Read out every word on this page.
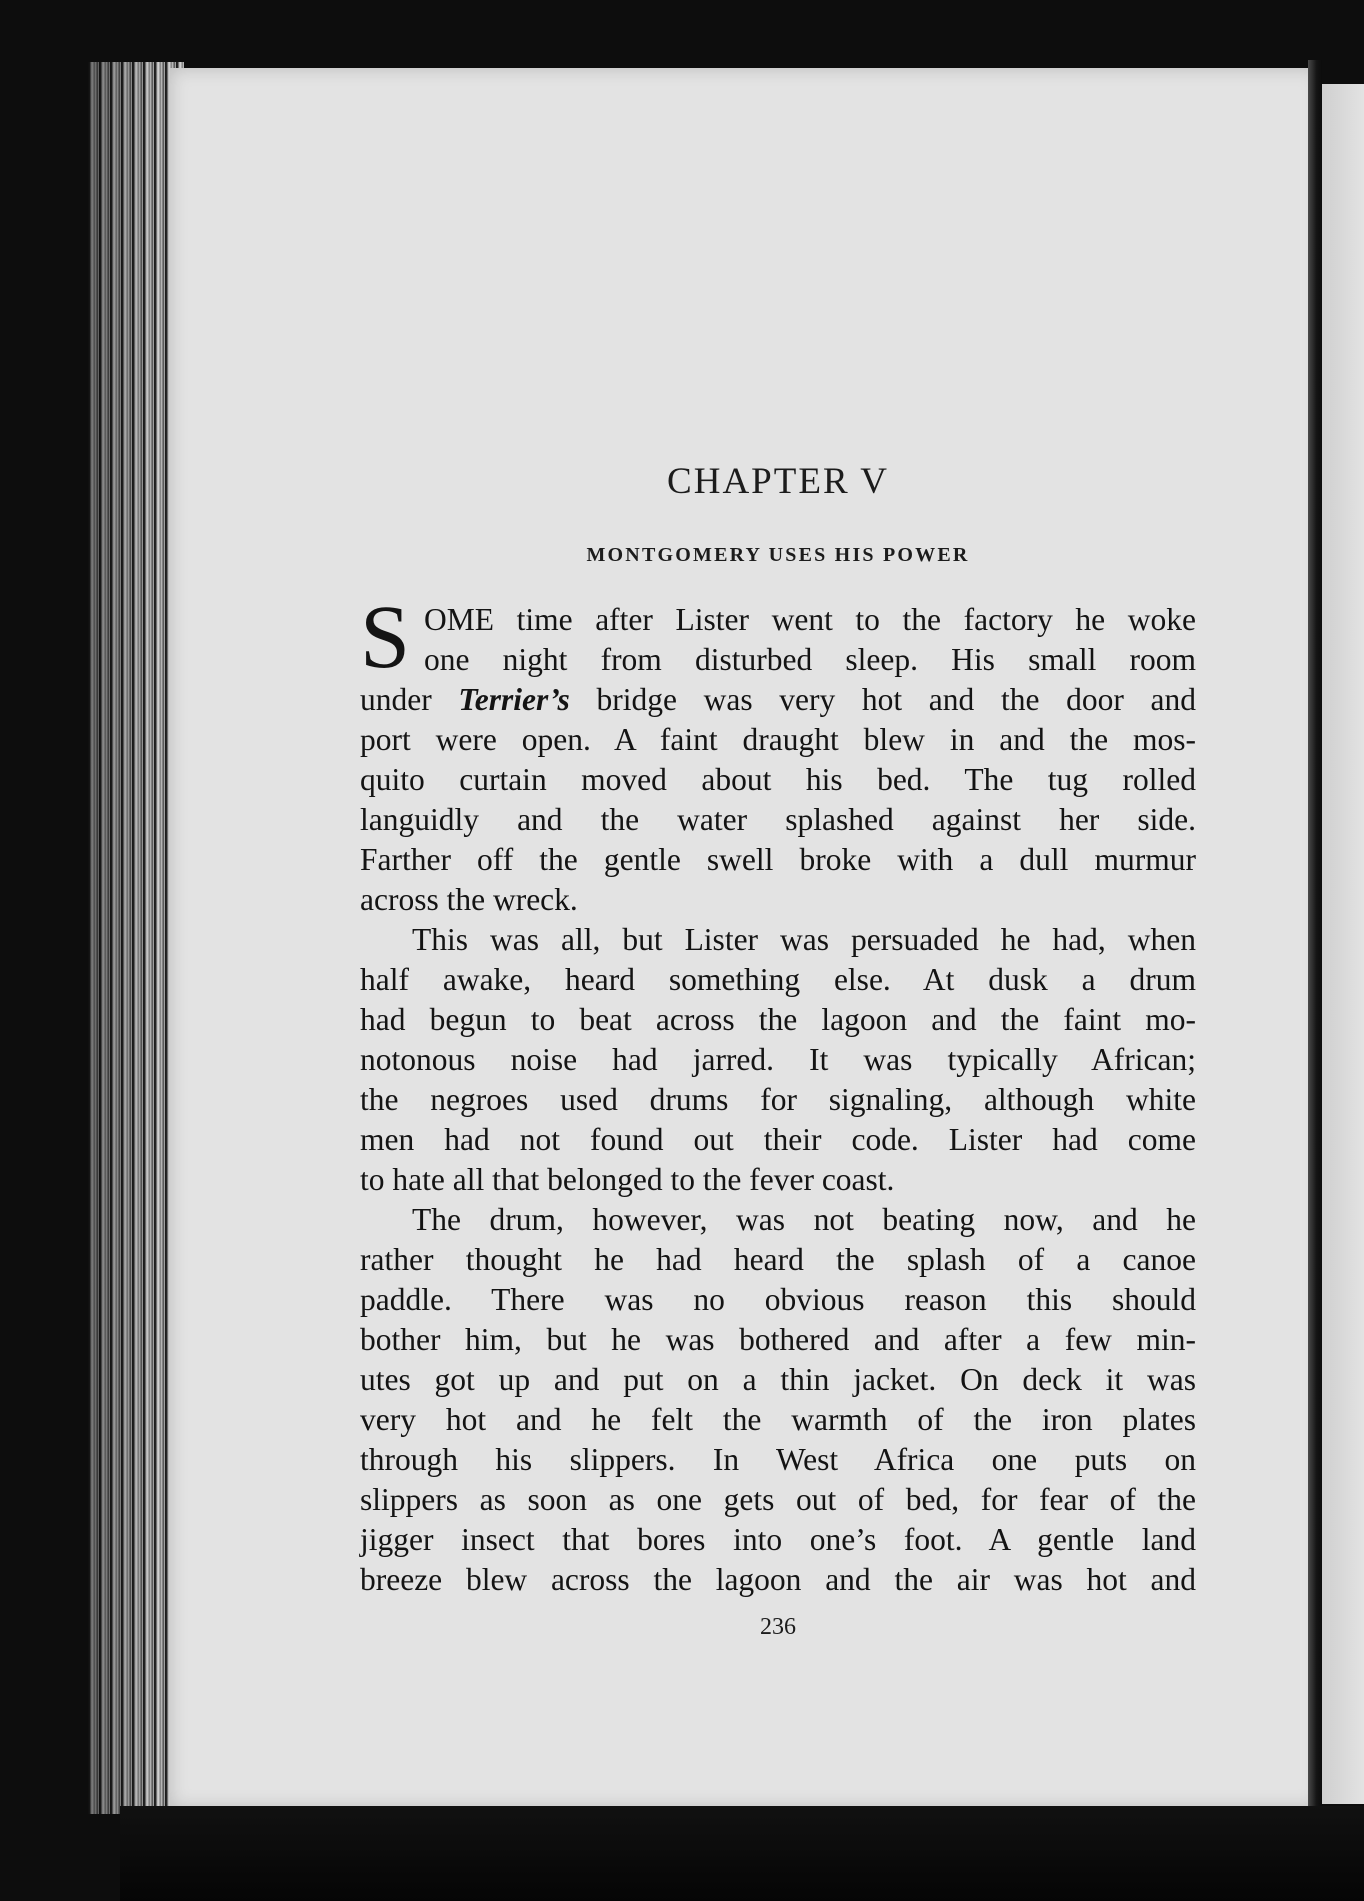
CHAPTER V
MONTGOMERY USES HIS POWER
S OME time after Lister went to the factory he woke
one night from disturbed sleep. His small room
under Terrier’s bridge was very hot and the door and
port were open. A faint draught blew in and the mos-
quito curtain moved about his bed. The tug rolled
languidly and the water splashed against her side.
Farther off the gentle swell broke with a dull murmur
across the wreck.
This was all, but Lister was persuaded he had, when
half awake, heard something else. At dusk a drum
had begun to beat across the lagoon and the faint mo-
notonous noise had jarred. It was typically African;
the negroes used drums for signaling, although white
men had not found out their code. Lister had come
to hate all that belonged to the fever coast.
The drum, however, was not beating now, and he
rather thought he had heard the splash of a canoe
paddle. There was no obvious reason this should
bother him, but he was bothered and after a few min-
utes got up and put on a thin jacket. On deck it was
very hot and he felt the warmth of the iron plates
through his slippers. In West Africa one puts on
slippers as soon as one gets out of bed, for fear of the
jigger insect that bores into one’s foot. A gentle land
breeze blew across the lagoon and the air was hot and
236
